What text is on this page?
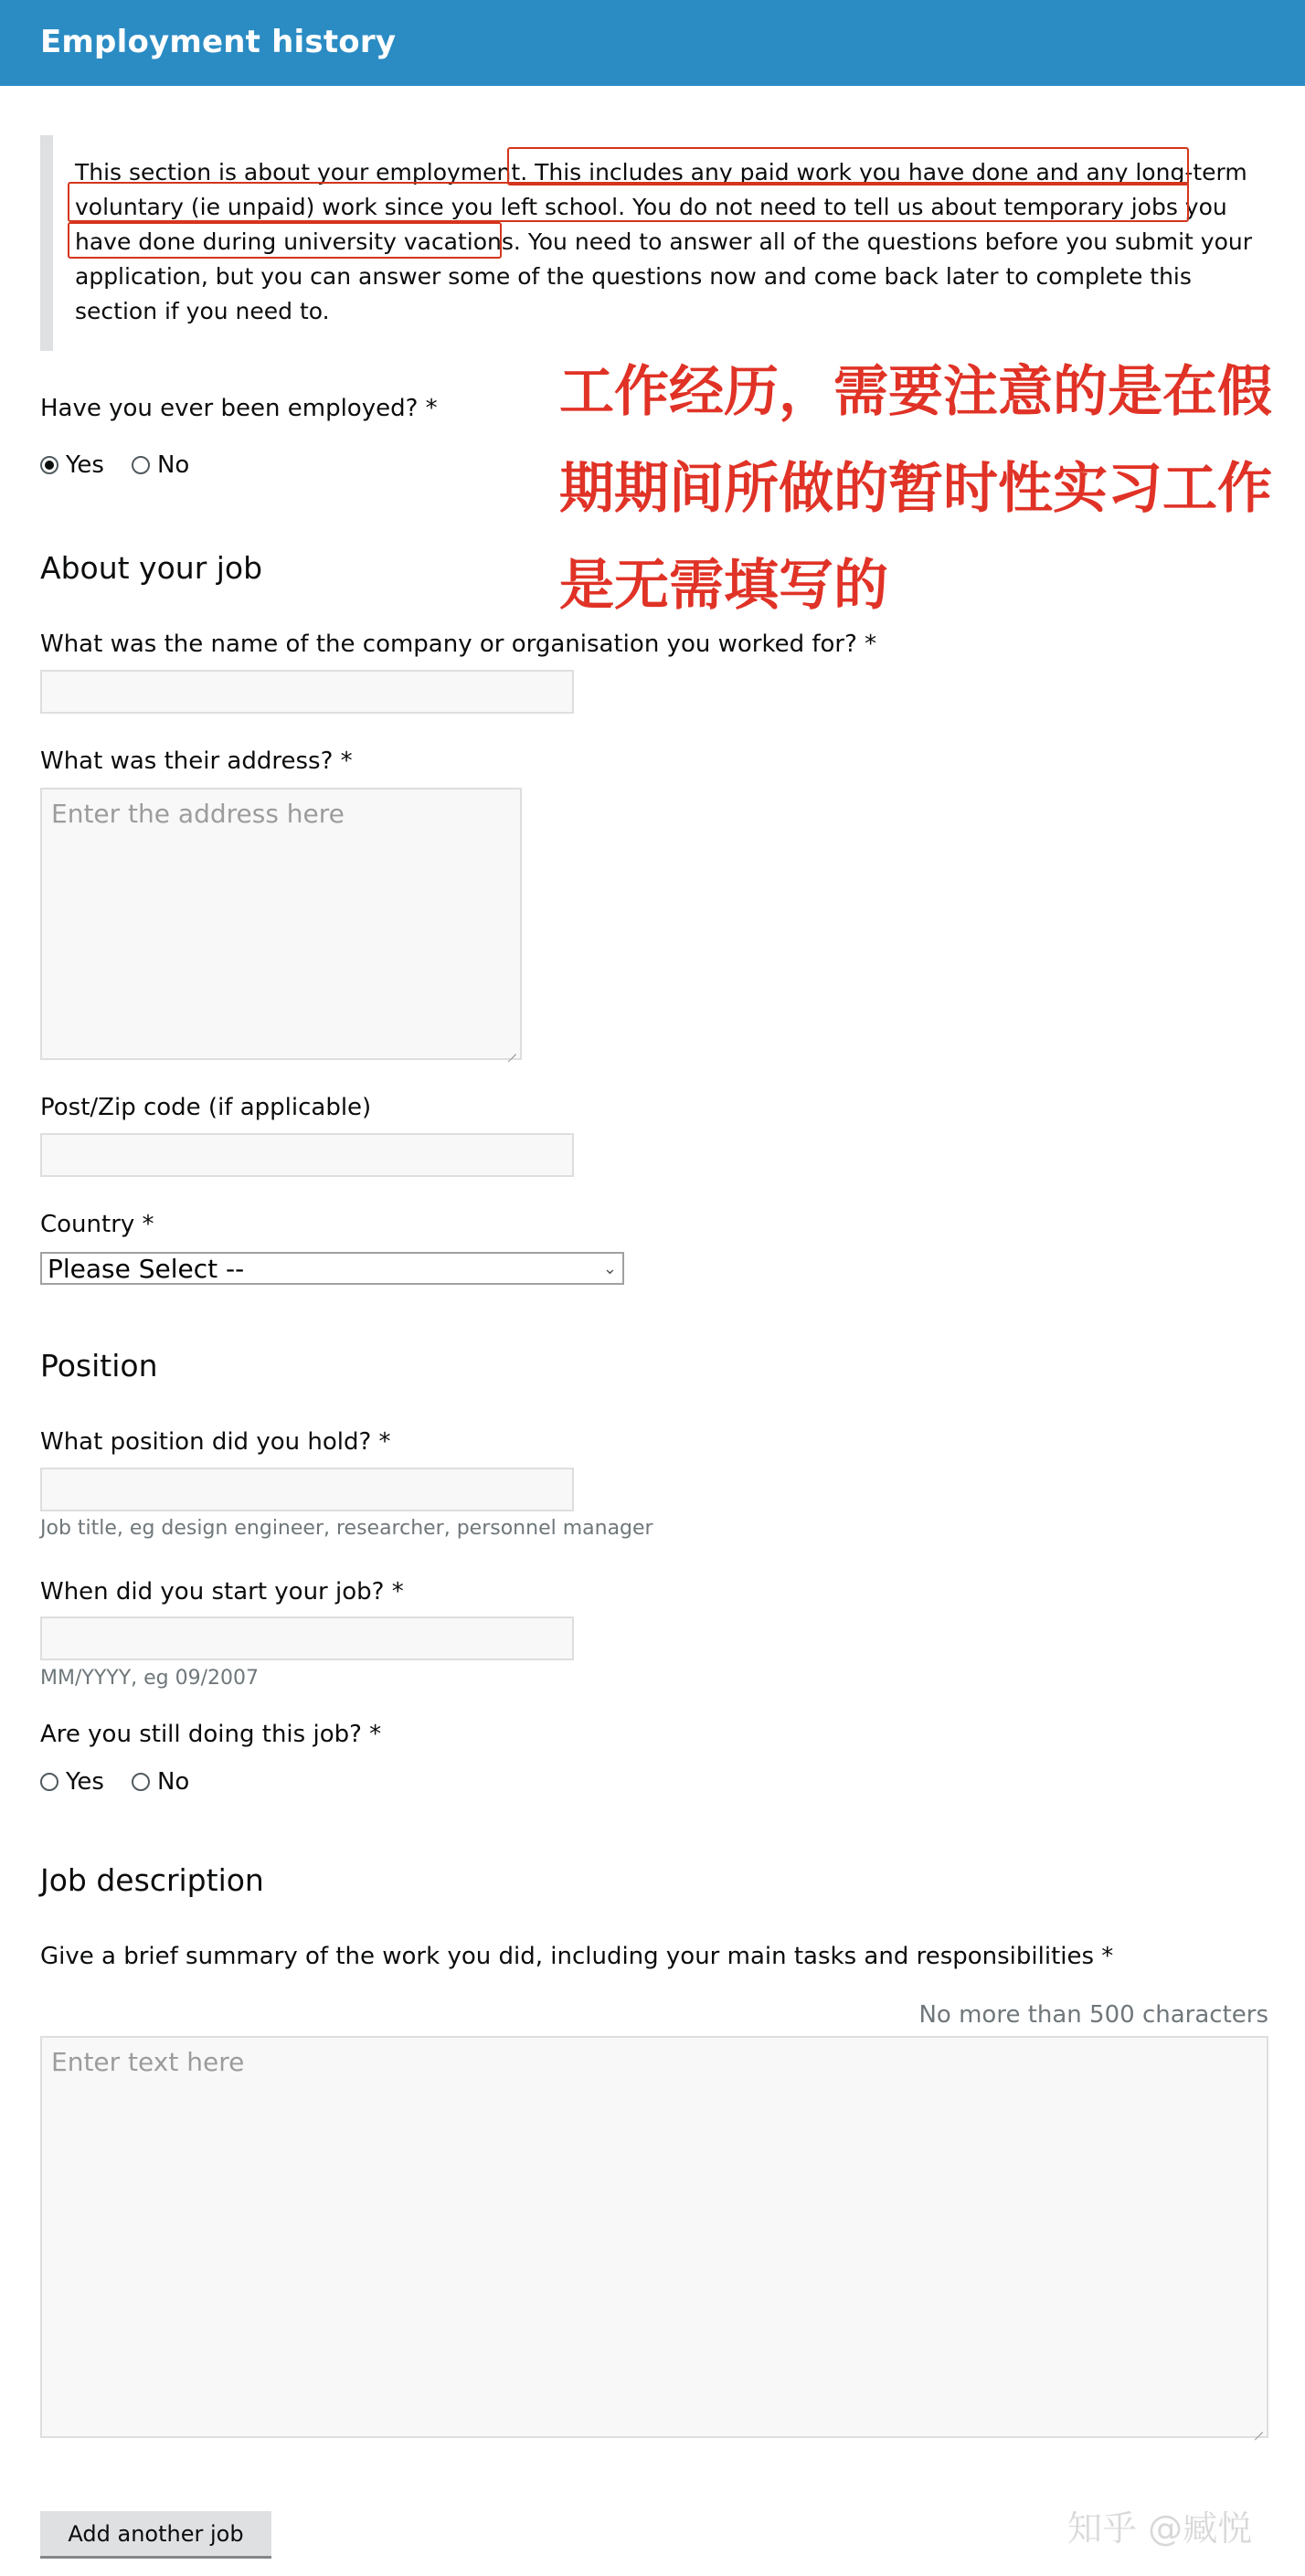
Employment history
This section is about your employment. This includes any paid work you have done and any long-term voluntary (ie unpaid) work since you left school. You do not need to tell us about temporary jobs you have done during university vacations. You need to answer all of the questions before you submit your application, but you can answer some of the questions now and come back later to complete this section if you need to.
工作经历，需要注意的是在假
期期间所做的暂时性实习工作
是无需填写的
Have you ever been employed? *
Yes No
About your job
What was the name of the company or organisation you worked for? *
What was their address? *
Enter the address here
Post/Zip code (if applicable)
Country *
Please Select --	⌄
Position
What position did you hold? *
Job title, eg design engineer, researcher, personnel manager
When did you start your job? *
MM/YYYY, eg 09/2007
Are you still doing this job? *
Yes No
Job description
Give a brief summary of the work you did, including your main tasks and responsibilities *
No more than 500 characters
Enter text here
Add another job	知乎 @臧悦
